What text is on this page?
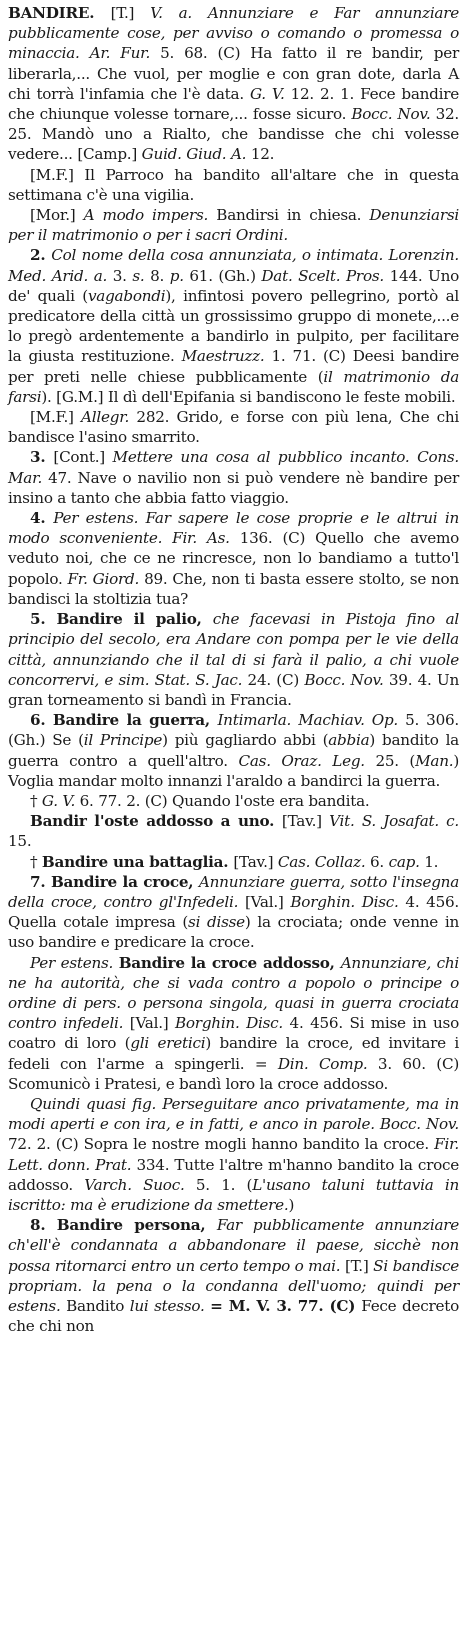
BANDIRE. [T.] V. a. Annunziare e Far annunziare pubblicamente cose, per avviso o comando o promessa o minaccia. Ar. Fur. 5. 68. (C) Ha fatto il re bandir, per liberarla,... Che vuol, per moglie e con gran dote, darla A chi torrà l'infamia che l'è data. G. V. 12. 2. 1. Fece bandire che chiunque volesse tornare,... fosse sicuro. Bocc. Nov. 32. 25. Mandò uno a Rialto, che bandisse che chi volesse vedere... [Camp.] Guid. Giud. A. 12.

[M.F.] Il Parroco ha bandito all'altare che in questa settimana c'è una vigilia.

[Mor.] A modo impers. Bandirsi in chiesa. Denunziarsi per il matrimonio o per i sacri Ordini.

2. Col nome della cosa annunziata, o intimata. Lorenzin. Med. Arid. a. 3. s. 8. p. 61. (Gh.) Dat. Scelt. Pros. 144. Uno de' quali (vagabondi), infintosi povero pellegrino, portò al predicatore della città un grossissimo gruppo di monete,...e lo pregò ardentemente a bandirlo in pulpito, per facilitare la giusta restituzione. Maestruzz. 1. 71. (C) Deesi bandire per preti nelle chiese pubblicamente (il matrimonio da farsi). [G.M.] Il dì dell'Epifania si bandiscono le feste mobili.

[M.F.] Allegr. 282. Grido, e forse con più lena, Che chi bandisce l'asino smarrito.

3. [Cont.] Mettere una cosa al pubblico incanto. Cons. Mar. 47. Nave o navilio non si può vendere nè bandire per insino a tanto che abbia fatto viaggio.

4. Per estens. Far sapere le cose proprie e le altrui in modo sconveniente. Fir. As. 136. (C) Quello che avemo veduto noi, che ce ne rincresce, non lo bandiamo a tutto'l popolo. Fr. Giord. 89. Che, non ti basta essere stolto, se non bandisci la stoltizia tua?

5. Bandire il palio, che facevasi in Pistoja fino al principio del secolo, era Andare con pompa per le vie della città, annunziando che il tal di si farà il palio, a chi vuole concorrervi, e sim. Stat. S. Jac. 24. (C) Bocc. Nov. 39. 4. Un gran torneamento si bandì in Francia.

6. Bandire la guerra, Intimarla. Machiav. Op. 5. 306. (Gh.) Se (il Principe) più gagliardo abbi (abbia) bandito la guerra contro a quell'altro. Cas. Oraz. Leg. 25. (Man.) Voglia mandar molto innanzi l'araldo a bandirci la guerra.

† G. V. 6. 77. 2. (C) Quando l'oste era bandita.

Bandir l'oste addosso a uno. [Tav.] Vit. S. Josafat. c. 15.

† Bandire una battaglia. [Tav.] Cas. Collaz. 6. cap. 1.

7. Bandire la croce, Annunziare guerra, sotto l'insegna della croce, contro gl'Infedeli. [Val.] Borghin. Disc. 4. 456. Quella cotale impresa (si disse) la crociata; onde venne in uso bandire e predicare la croce.

Per estens. Bandire la croce addosso, Annunziare, chi ne ha autorità, che si vada contro a popolo o principe o ordine di pers. o persona singola, quasi in guerra crociata contro infedeli. [Val.] Borghin. Disc. 4. 456. Si mise in uso coatro di loro (gli eretici) bandire la croce, ed invitare i fedeli con l'arme a spingerli. = Din. Comp. 3. 60. (C) Scomunicò i Pratesi, e bandì loro la croce addosso.

Quindi quasi fig. Perseguitare anco privatamente, ma in modi aperti e con ira, e in fatti, e anco in parole. Bocc. Nov. 72. 2. (C) Sopra le nostre mogli hanno bandito la croce. Fir. Lett. donn. Prat. 334. Tutte l'altre m'hanno bandito la croce addosso. Varch. Suoc. 5. 1. (L'usano taluni tuttavia in iscritto: ma è erudizione da smettere.)

8. Bandire persona, Far pubblicamente annunziare ch'ell'è condannata a abbandonare il paese, sicchè non possa ritornarci entro un certo tempo o mai. [T.] Si bandisce propriam. la pena o la condanna dell'uomo; quindi per estens. Bandito lui stesso. = M. V. 3. 77. (C) Fece decreto che chi non
